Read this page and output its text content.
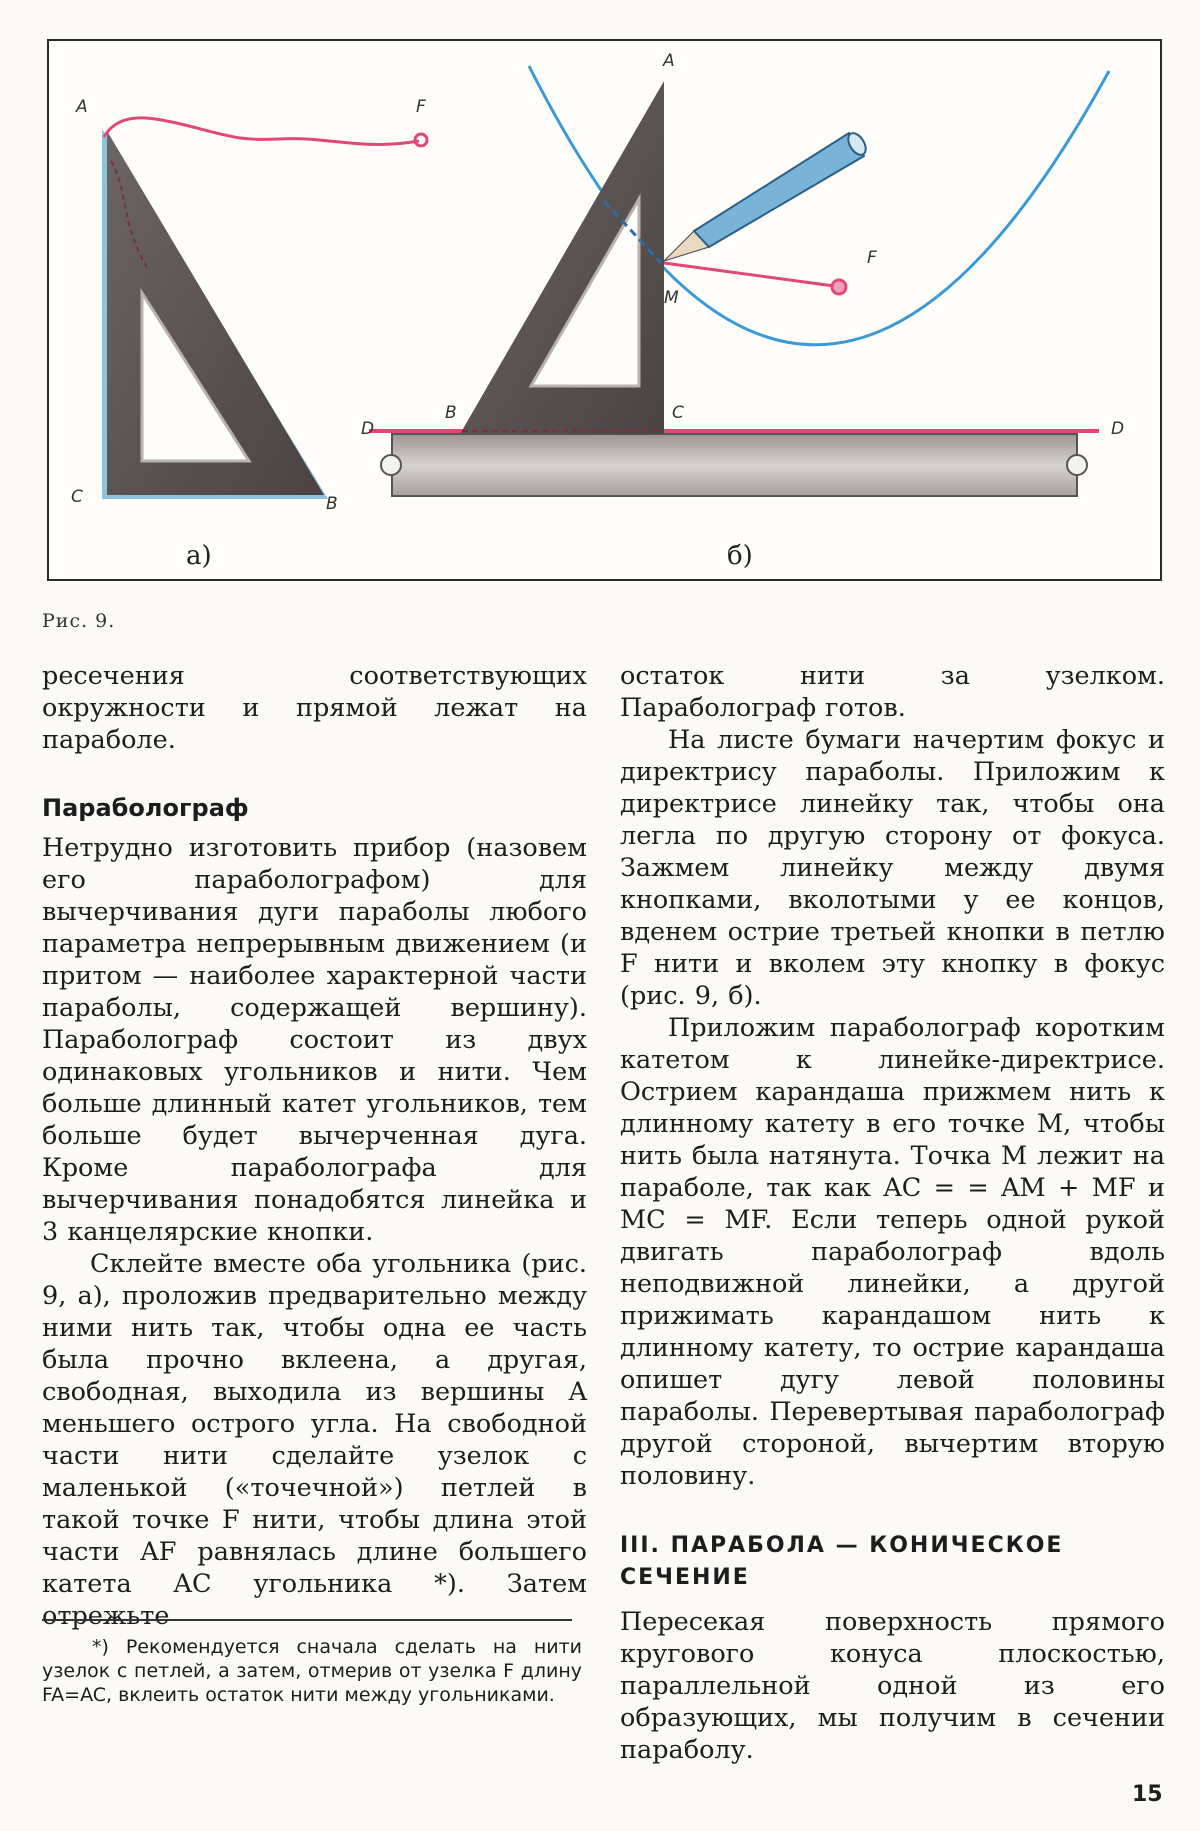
A	F
C	B
A
F
M
D	D
B	C
а)	б)
Рис. 9.

ресечения соответствующих окружности и прямой лежат на параболе.

Параболограф

Нетрудно изготовить прибор (назовем его параболографом) для вычерчивания дуги параболы любого параметра непрерывным движением (и притом — наиболее характерной части параболы, содержащей вершину). Параболограф состоит из двух одинаковых угольников и нити. Чем больше длинный катет угольников, тем больше будет вычерченная дуга. Кроме параболографа для вычерчивания понадобятся линейка и 3 канцелярские кнопки.

Склейте вместе оба угольника (рис. 9, а), проложив предварительно между ними нить так, чтобы одна ее часть была прочно вклеена, а другая, свободная, выходила из вершины A меньшего острого угла. На свободной части нити сделайте узелок с маленькой («точечной») петлей в такой точке F нити, чтобы длина этой части AF равнялась длине большего катета AC угольника *). Затем отрежьте

*) Рекомендуется сначала сделать на нити узелок с петлей, а затем, отмерив от узелка F длину FA=AC, вклеить остаток нити между угольниками.

остаток нити за узелком. Параболограф готов.

На листе бумаги начертим фокус и директрису параболы. Приложим к директрисе линейку так, чтобы она легла по другую сторону от фокуса. Зажмем линейку между двумя кнопками, вколотыми у ее концов, вденем острие третьей кнопки в петлю F нити и вколем эту кнопку в фокус (рис. 9, б).

Приложим параболограф коротким катетом к линейке-директрисе. Острием карандаша прижмем нить к длинному катету в его точке M, чтобы нить была натянута. Точка M лежит на параболе, так как AC = = AM + MF и MC = MF. Если теперь одной рукой двигать параболограф вдоль неподвижной линейки, а другой прижимать карандашом нить к длинному катету, то острие карандаша опишет дугу левой половины параболы. Перевертывая параболограф другой стороной, вычертим вторую половину.

III. ПАРАБОЛА — КОНИЧЕСКОЕ СЕЧЕНИЕ

Пересекая поверхность прямого кругового конуса плоскостью, параллельной одной из его образующих, мы получим в сечении параболу.

15
